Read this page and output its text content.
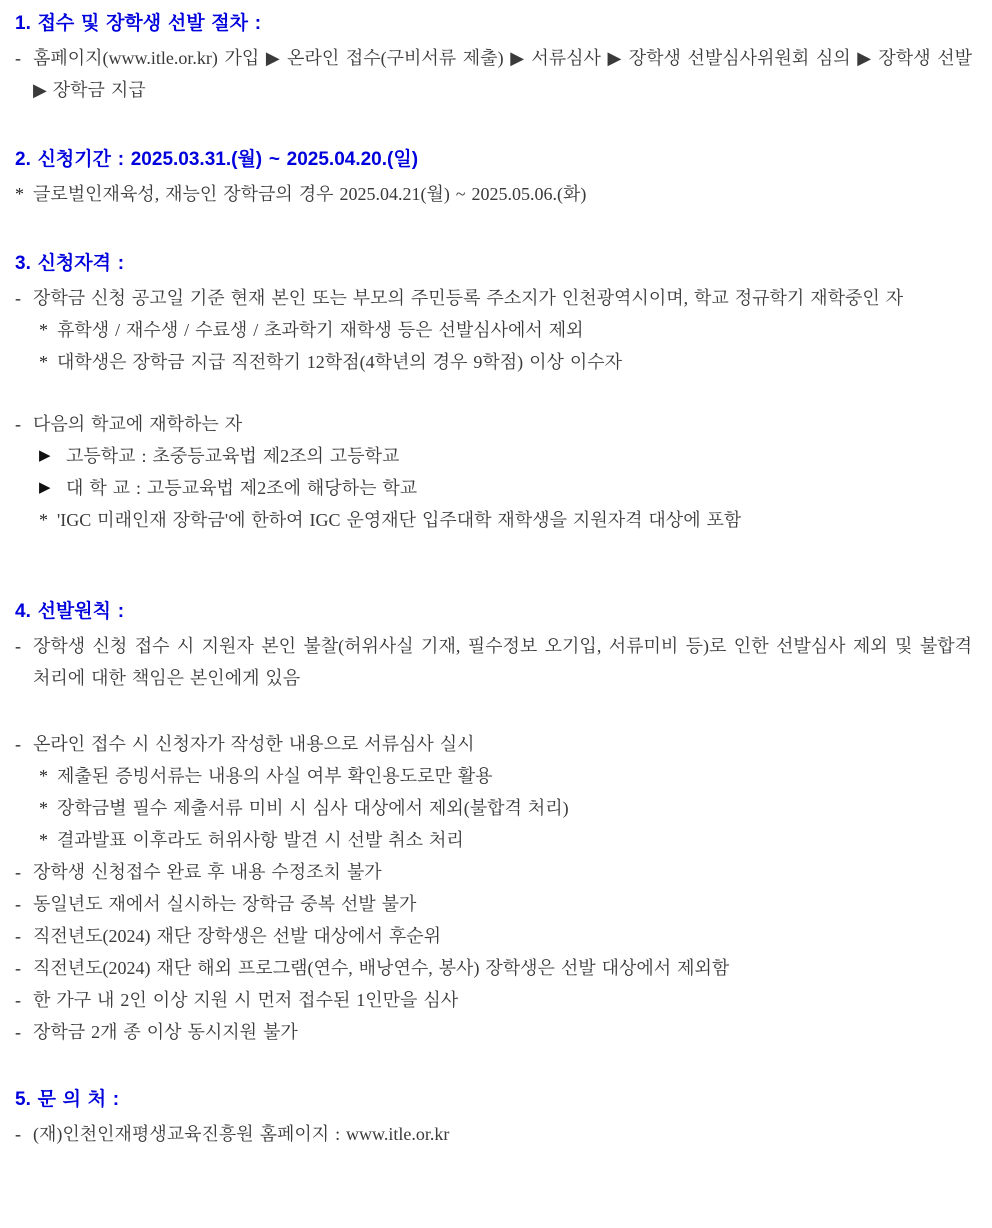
1. 접수 및 장학생 선발 절차 :
- 홈페이지(www.itle.or.kr) 가입 ▶ 온라인 접수(구비서류 제출) ▶ 서류심사 ▶ 장학생 선발심사위원회 심의 ▶ 장학생 선발 ▶ 장학금 지급
2. 신청기간 : 2025.03.31.(월) ~ 2025.04.20.(일)
* 글로벌인재육성, 재능인 장학금의 경우 2025.04.21(월) ~ 2025.05.06.(화)
3. 신청자격 :
- 장학금 신청 공고일 기준 현재 본인 또는 부모의 주민등록 주소지가 인천광역시이며, 학교 정규학기 재학중인 자
* 휴학생 / 재수생 / 수료생 / 초과학기 재학생 등은 선발심사에서 제외
* 대학생은 장학금 지급 직전학기 12학점(4학년의 경우 9학점) 이상 이수자
- 다음의 학교에 재학하는 자
▶ 고등학교 : 초중등교육법 제2조의 고등학교
▶ 대 학 교 : 고등교육법 제2조에 해당하는 학교
* 'IGC 미래인재 장학금'에 한하여 IGC 운영재단 입주대학 재학생을 지원자격 대상에 포함
4. 선발원칙 :
- 장학생 신청 접수 시 지원자 본인 불찰(허위사실 기재, 필수정보 오기입, 서류미비 등)로 인한 선발심사 제외 및 불합격 처리에 대한 책임은 본인에게 있음
- 온라인 접수 시 신청자가 작성한 내용으로 서류심사 실시
* 제출된 증빙서류는 내용의 사실 여부 확인용도로만 활용
* 장학금별 필수 제출서류 미비 시 심사 대상에서 제외(불합격 처리)
* 결과발표 이후라도 허위사항 발견 시 선발 취소 처리
- 장학생 신청접수 완료 후 내용 수정조치 불가
- 동일년도 재에서 실시하는 장학금 중복 선발 불가
- 직전년도(2024) 재단 장학생은 선발 대상에서 후순위
- 직전년도(2024) 재단 해외 프로그램(연수, 배낭연수, 봉사) 장학생은 선발 대상에서 제외함
- 한 가구 내 2인 이상 지원 시 먼저 접수된 1인만을 심사
- 장학금 2개 종 이상 동시지원 불가
5. 문 의 처 :
- (재)인천인재평생교육진흥원 홈페이지 : www.itle.or.kr
